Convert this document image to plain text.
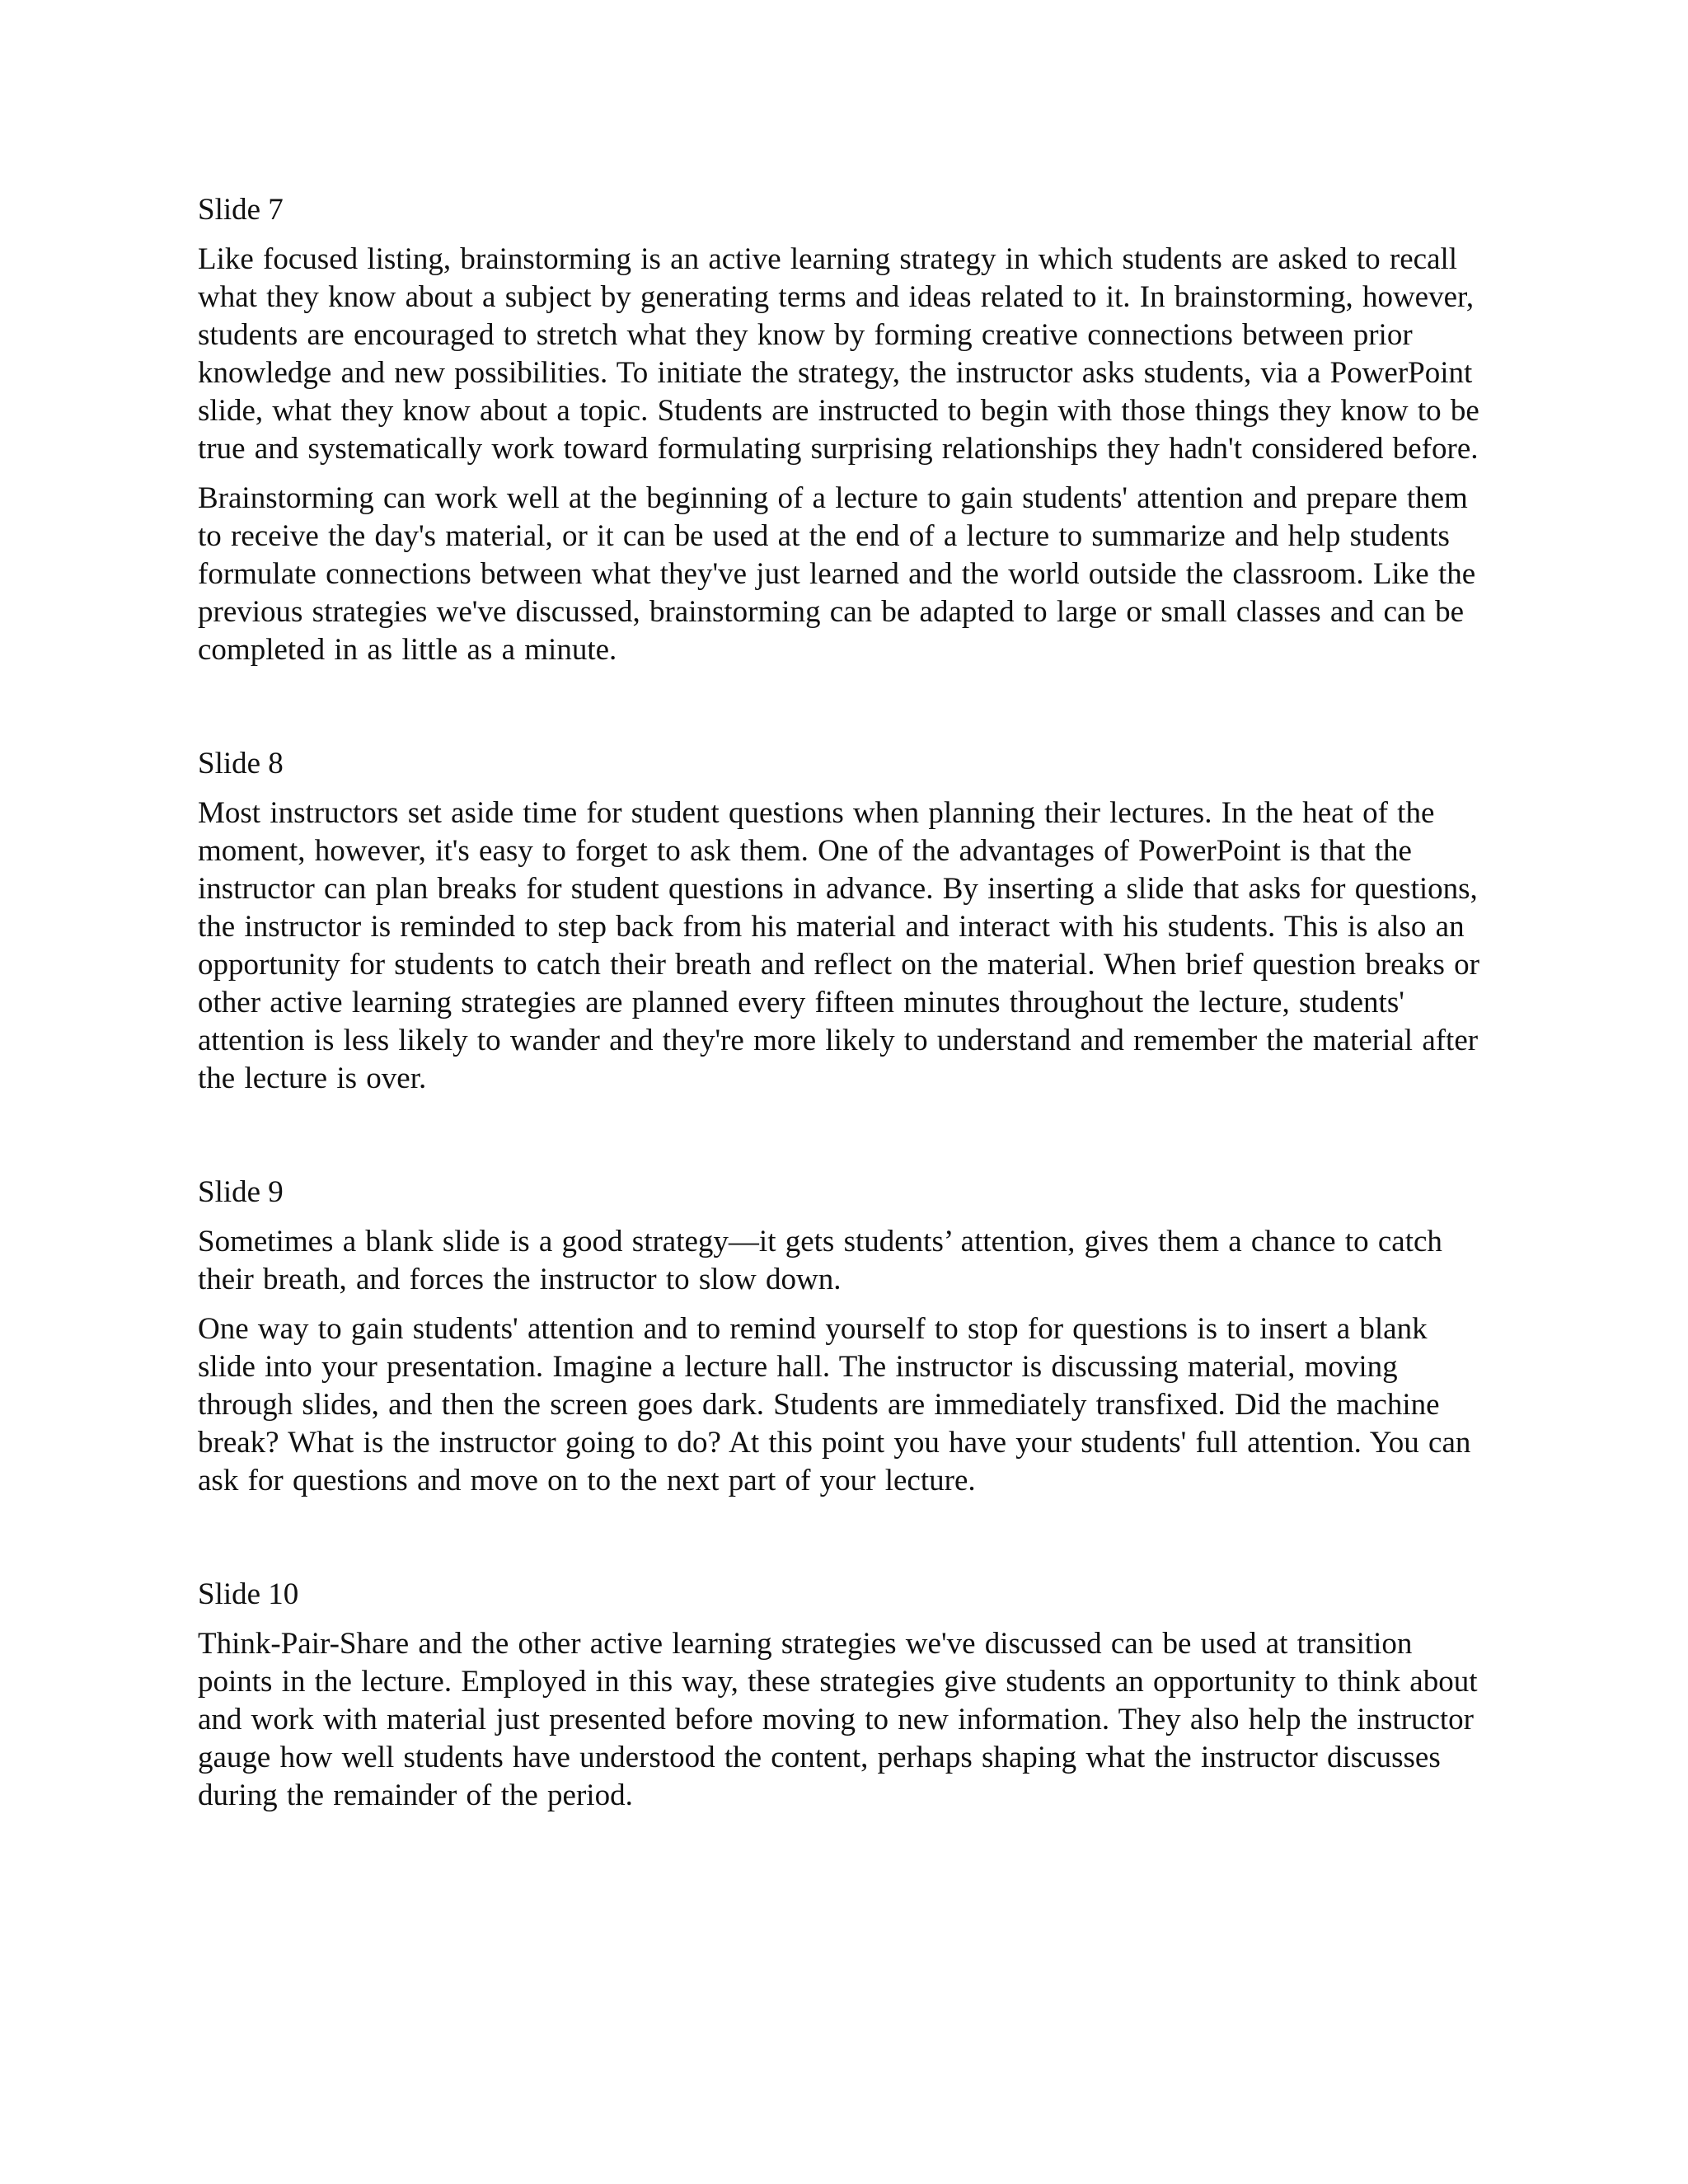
Slide 7

Like focused listing, brainstorming is an active learning strategy in which students are asked to recall what they know about a subject by generating terms and ideas related to it. In brainstorming, however, students are encouraged to stretch what they know by forming creative connections between prior knowledge and new possibilities. To initiate the strategy, the instructor asks students, via a PowerPoint slide, what they know about a topic. Students are instructed to begin with those things they know to be true and systematically work toward formulating surprising relationships they hadn't considered before.

Brainstorming can work well at the beginning of a lecture to gain students' attention and prepare them to receive the day's material, or it can be used at the end of a lecture to summarize and help students formulate connections between what they've just learned and the world outside the classroom. Like the previous strategies we've discussed, brainstorming can be adapted to large or small classes and can be completed in as little as a minute.

Slide 8

Most instructors set aside time for student questions when planning their lectures. In the heat of the moment, however, it's easy to forget to ask them. One of the advantages of PowerPoint is that the instructor can plan breaks for student questions in advance. By inserting a slide that asks for questions, the instructor is reminded to step back from his material and interact with his students. This is also an opportunity for students to catch their breath and reflect on the material. When brief question breaks or other active learning strategies are planned every fifteen minutes throughout the lecture, students' attention is less likely to wander and they're more likely to understand and remember the material after the lecture is over.

Slide 9

Sometimes a blank slide is a good strategy—it gets students’ attention, gives them a chance to catch their breath, and forces the instructor to slow down.

One way to gain students' attention and to remind yourself to stop for questions is to insert a blank slide into your presentation. Imagine a lecture hall. The instructor is discussing material, moving through slides, and then the screen goes dark. Students are immediately transfixed. Did the machine break? What is the instructor going to do? At this point you have your students' full attention. You can ask for questions and move on to the next part of your lecture.

Slide 10

Think-Pair-Share and the other active learning strategies we've discussed can be used at transition points in the lecture. Employed in this way, these strategies give students an opportunity to think about and work with material just presented before moving to new information. They also help the instructor gauge how well students have understood the content, perhaps shaping what the instructor discusses during the remainder of the period.
